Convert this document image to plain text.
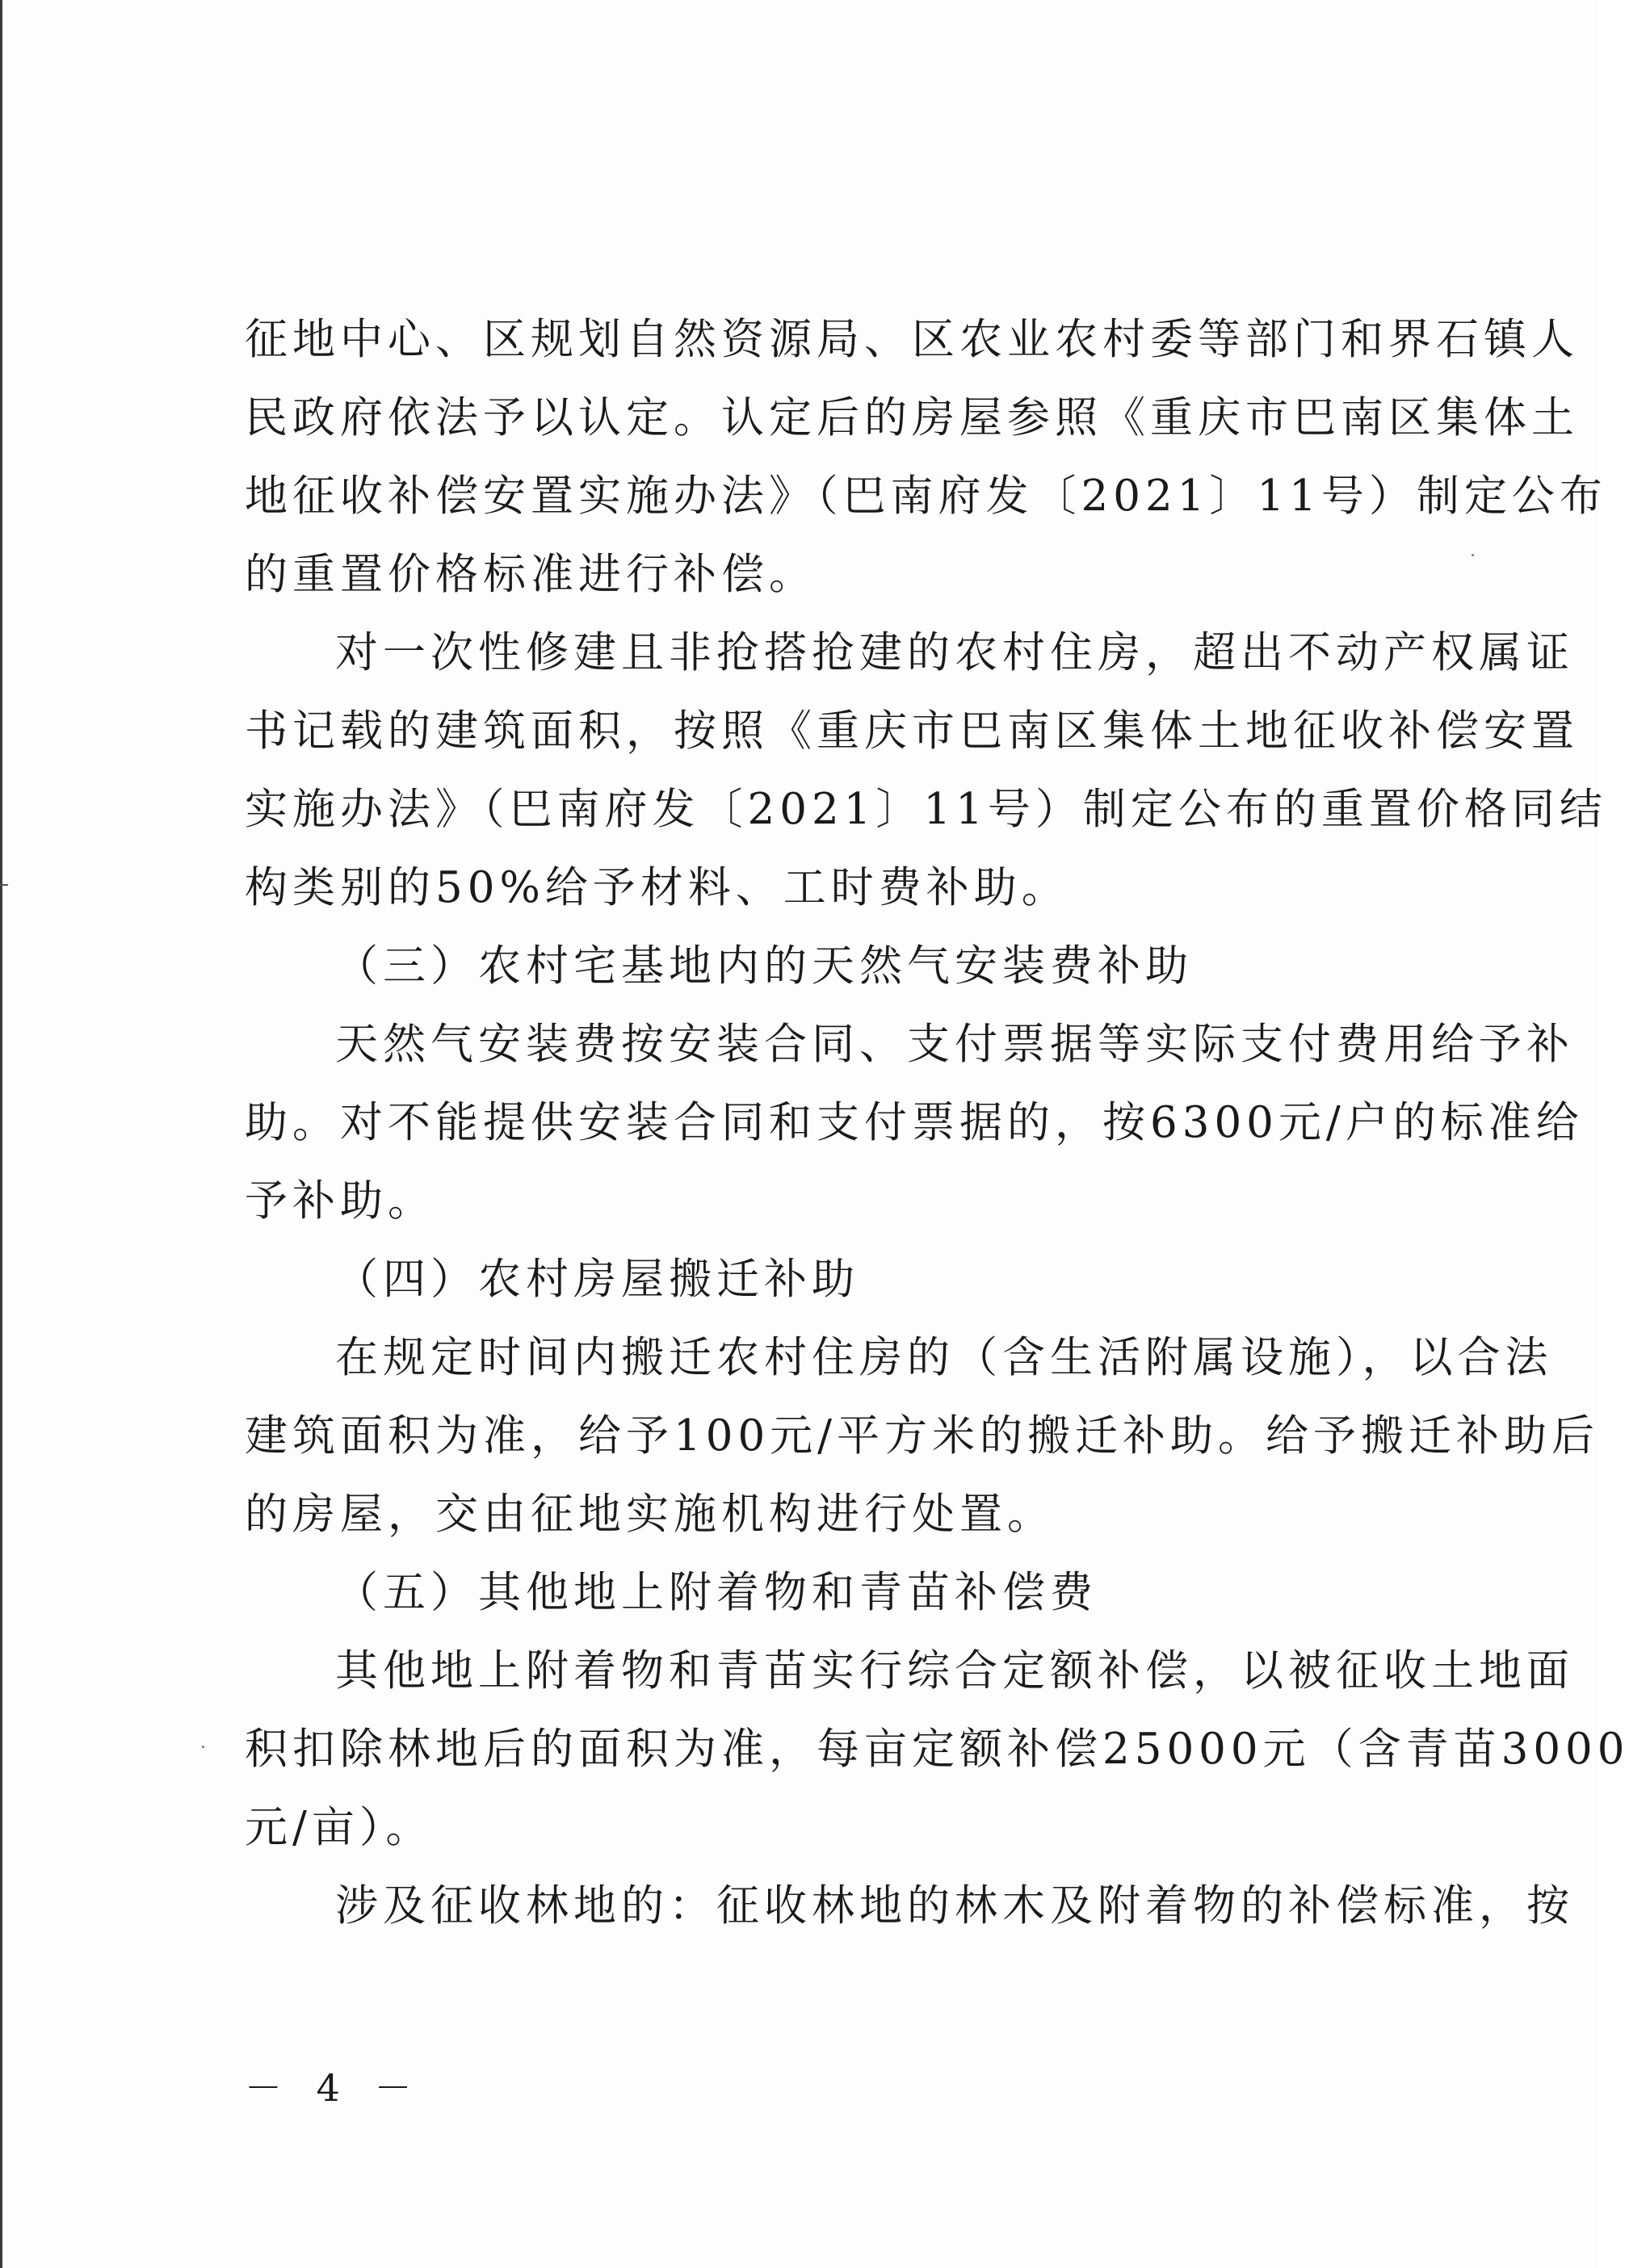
征地中心、区规划自然资源局、区农业农村委等部门和界石镇人
民政府依法予以认定。认定后的房屋参照《重庆市巴南区集体土
地征收补偿安置实施办法》（巴南府发〔2021〕11号）制定公布
的重置价格标准进行补偿。
对一次性修建且非抢搭抢建的农村住房，超出不动产权属证
书记载的建筑面积，按照《重庆市巴南区集体土地征收补偿安置
实施办法》（巴南府发〔2021〕11号）制定公布的重置价格同结
构类别的50%给予材料、工时费补助。
（三）农村宅基地内的天然气安装费补助
天然气安装费按安装合同、支付票据等实际支付费用给予补
助。对不能提供安装合同和支付票据的，按6300元/户的标准给
予补助。
（四）农村房屋搬迁补助
在规定时间内搬迁农村住房的（含生活附属设施），以合法
建筑面积为准，给予100元/平方米的搬迁补助。给予搬迁补助后
的房屋，交由征地实施机构进行处置。
（五）其他地上附着物和青苗补偿费
其他地上附着物和青苗实行综合定额补偿，以被征收土地面
积扣除林地后的面积为准，每亩定额补偿25000元（含青苗3000
元/亩）。
涉及征收林地的：征收林地的林木及附着物的补偿标准，按
－ 4 －
